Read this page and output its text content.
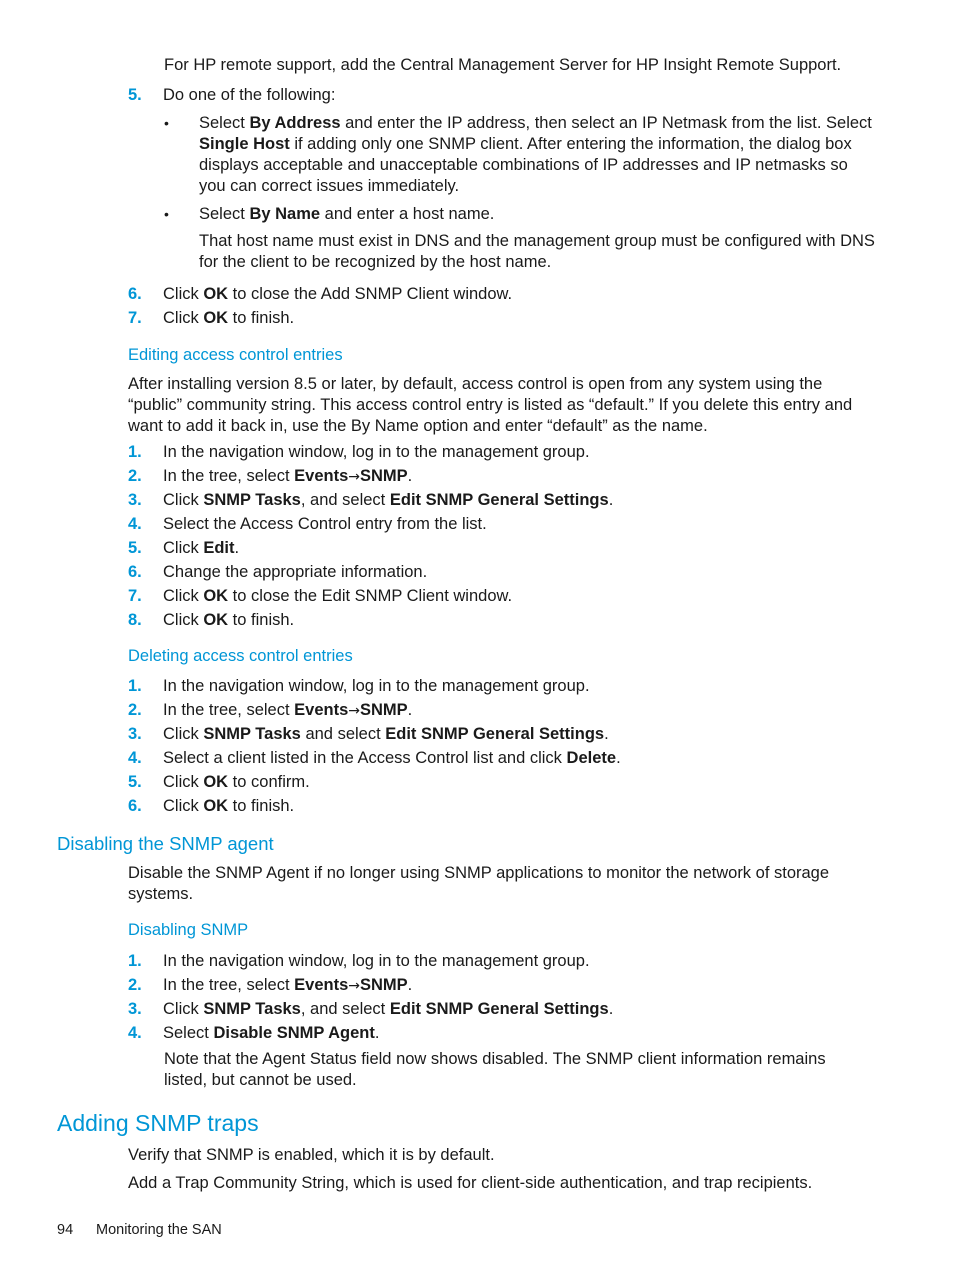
For HP remote support, add the Central Management Server for HP Insight Remote Support.

5. Do one of the following:
• Select By Address and enter the IP address, then select an IP Netmask from the list. Select Single Host if adding only one SNMP client. After entering the information, the dialog box displays acceptable and unacceptable combinations of IP addresses and IP netmasks so you can correct issues immediately.
• Select By Name and enter a host name.

That host name must exist in DNS and the management group must be configured with DNS for the client to be recognized by the host name.

6. Click OK to close the Add SNMP Client window.
7. Click OK to finish.
Editing access control entries

After installing version 8.5 or later, by default, access control is open from any system using the “public” community string. This access control entry is listed as “default.” If you delete this entry and want to add it back in, use the By Name option and enter “default” as the name.

1. In the navigation window, log in to the management group.
2. In the tree, select Events→SNMP.
3. Click SNMP Tasks, and select Edit SNMP General Settings.
4. Select the Access Control entry from the list.
5. Click Edit.
6. Change the appropriate information.
7. Click OK to close the Edit SNMP Client window.
8. Click OK to finish.
Deleting access control entries
1. In the navigation window, log in to the management group.
2. In the tree, select Events→SNMP.
3. Click SNMP Tasks and select Edit SNMP General Settings.
4. Select a client listed in the Access Control list and click Delete.
5. Click OK to confirm.
6. Click OK to finish.
Disabling the SNMP agent

Disable the SNMP Agent if no longer using SNMP applications to monitor the network of storage systems.

Disabling SNMP
1. In the navigation window, log in to the management group.
2. In the tree, select Events→SNMP.
3. Click SNMP Tasks, and select Edit SNMP General Settings.
4. Select Disable SNMP Agent.

Note that the Agent Status field now shows disabled. The SNMP client information remains listed, but cannot be used.

Adding SNMP traps

Verify that SNMP is enabled, which it is by default.

Add a Trap Community String, which is used for client-side authentication, and trap recipients.

94 Monitoring the SAN
